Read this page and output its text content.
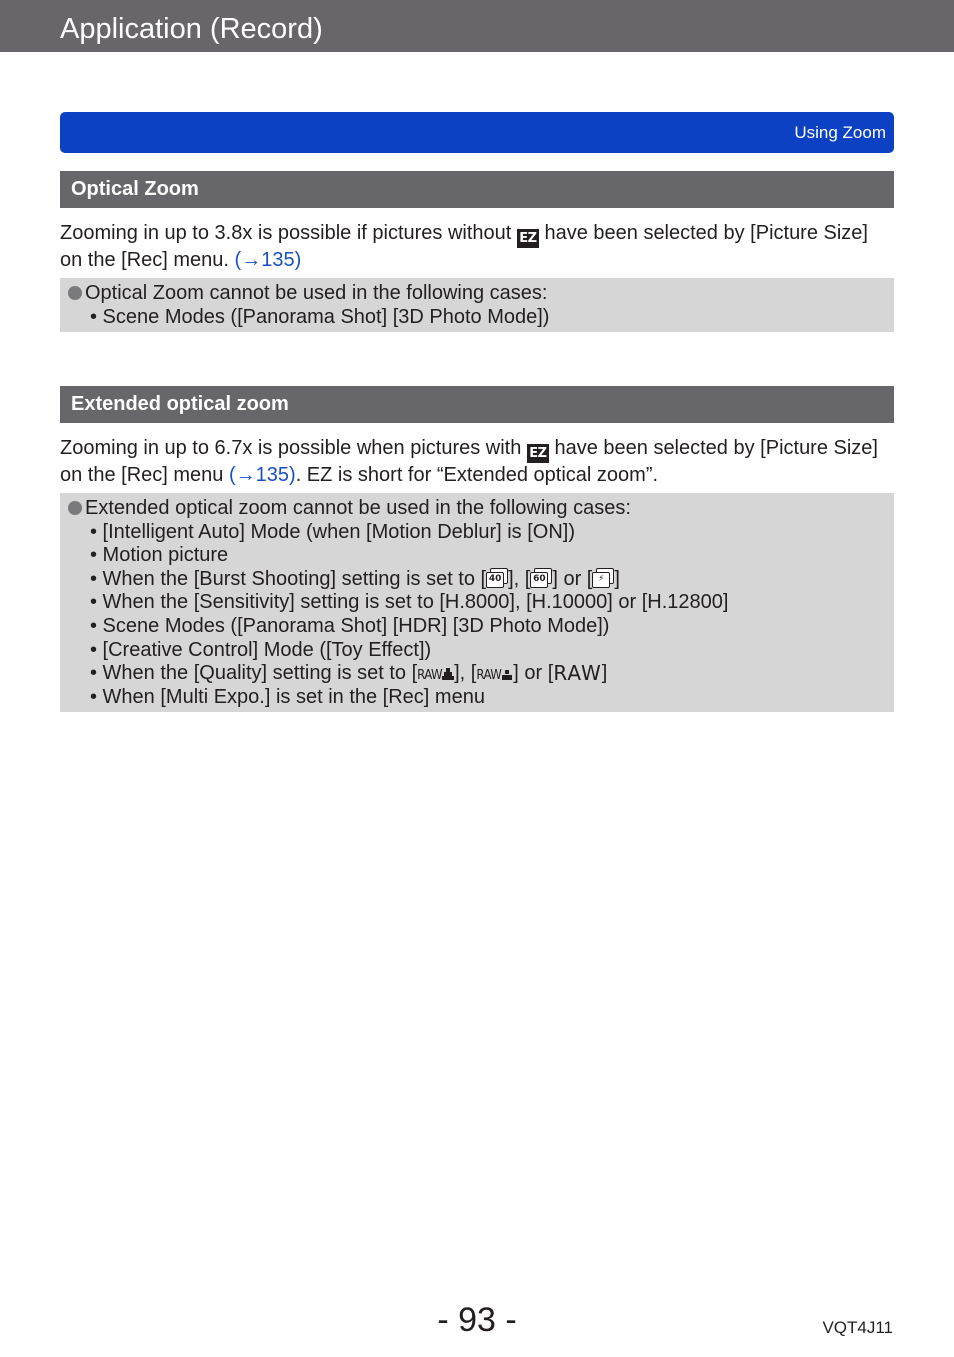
Application (Record)
Using Zoom
Optical Zoom
Zooming in up to 3.8x is possible if pictures without EZ have been selected by [Picture Size] on the [Rec] menu. (→135)
Optical Zoom cannot be used in the following cases:
• Scene Modes ([Panorama Shot] [3D Photo Mode])
Extended optical zoom
Zooming in up to 6.7x is possible when pictures with EZ have been selected by [Picture Size] on the [Rec] menu (→135). EZ is short for “Extended optical zoom”.
Extended optical zoom cannot be used in the following cases:
• [Intelligent Auto] Mode (when [Motion Deblur] is [ON])
• Motion picture
• When the [Burst Shooting] setting is set to [ 40 ], [ 60 ] or [ ⚡ ]
• When the [Sensitivity] setting is set to [H.8000], [H.10000] or [H.12800]
• Scene Modes ([Panorama Shot] [HDR] [3D Photo Mode])
• [Creative Control] Mode ([Toy Effect])
• When the [Quality] setting is set to [RAW ], [RAW ] or [RAW]
• When [Multi Expo.] is set in the [Rec] menu
- 93 -	VQT4J11
